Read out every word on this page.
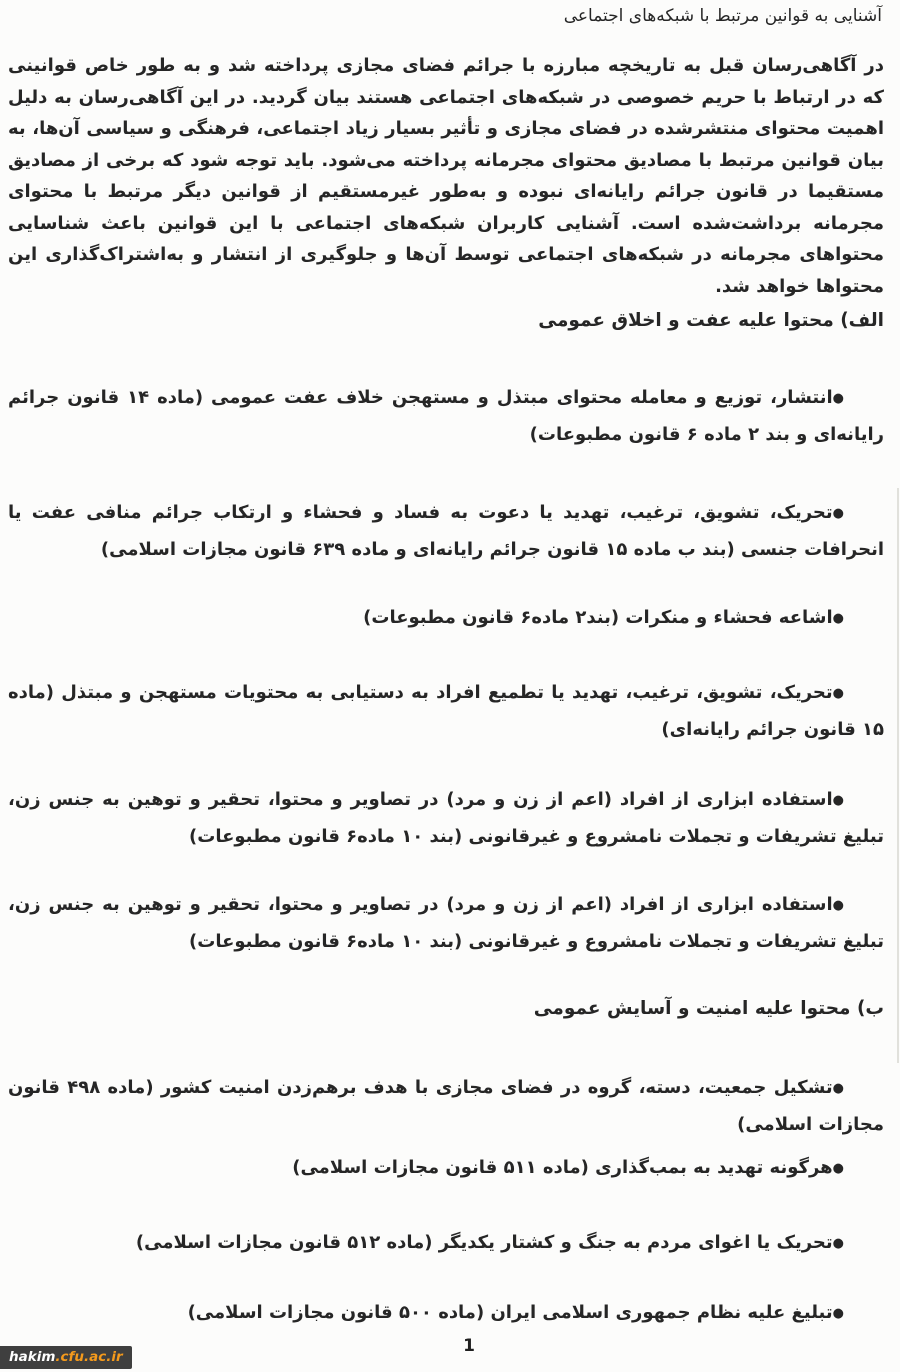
آشنایی به قوانین مرتبط با شبکه‌های اجتماعی

در آگاهی‌رسان قبل به تاریخچه مبارزه با جرائم فضای مجازی پرداخته شد و به طور خاص قوانینی که در ارتباط با حریم خصوصی در شبکه‌های اجتماعی هستند بیان گردید. در این آگاهی‌رسان به دلیل اهمیت محتوای منتشرشده در فضای مجازی و تأثیر بسیار زیاد اجتماعی، فرهنگی و سیاسی آن‌ها، به بیان قوانین مرتبط با مصادیق محتوای مجرمانه پرداخته می‌شود. باید توجه شود که برخی از مصادیق مستقیما در قانون جرائم رایانه‌ای نبوده و به‌طور غیرمستقیم از قوانین دیگر مرتبط با محتوای مجرمانه برداشت‌شده است. آشنایی کاربران شبکه‌های اجتماعی با این قوانین باعث شناسایی محتواهای مجرمانه در شبکه‌های اجتماعی توسط آن‌ها و جلوگیری از انتشار و به‌اشتراک‌گذاری این محتواها خواهد شد.

الف) محتوا علیه عفت و اخلاق عمومی
●انتشار، توزیع و معامله محتوای مبتذل و مستهجن خلاف عفت عمومی (ماده ۱۴ قانون جرائم رایانه‌ای و بند ۲ ماده ۶ قانون مطبوعات)
●تحریک، تشویق، ترغیب، تهدید یا دعوت به فساد و فحشاء و ارتکاب جرائم منافی عفت یا انحرافات جنسی (بند ب ماده ۱۵ قانون جرائم رایانه‌ای و ماده ۶۳۹ قانون مجازات اسلامی)
●اشاعه فحشاء و منکرات (بند۲ ماده۶ قانون مطبوعات)
●تحریک، تشویق، ترغیب، تهدید یا تطمیع افراد به دستیابی به محتویات مستهجن و مبتذل (ماده ۱۵ قانون جرائم رایانه‌ای)
●استفاده ابزاری از افراد (اعم از زن و مرد) در تصاویر و محتوا، تحقیر و توهین به جنس زن، تبلیغ تشریفات و تجملات نامشروع و غیرقانونی (بند ۱۰ ماده۶ قانون مطبوعات)
●استفاده ابزاری از افراد (اعم از زن و مرد) در تصاویر و محتوا، تحقیر و توهین به جنس زن، تبلیغ تشریفات و تجملات نامشروع و غیرقانونی (بند ۱۰ ماده۶ قانون مطبوعات)
ب) محتوا علیه امنیت و آسایش عمومی
●تشکیل جمعیت، دسته، گروه در فضای مجازی با هدف برهم‌زدن امنیت کشور (ماده ۴۹۸ قانون مجازات اسلامی)
●هرگونه تهدید به بمب‌گذاری (ماده ۵۱۱ قانون مجازات اسلامی)
●تحریک یا اغوای مردم به جنگ و کشتار یکدیگر (ماده ۵۱۲ قانون مجازات اسلامی)
●تبلیغ علیه نظام جمهوری اسلامی ایران (ماده ۵۰۰ قانون مجازات اسلامی)
1
hakim.cfu.ac.ir
